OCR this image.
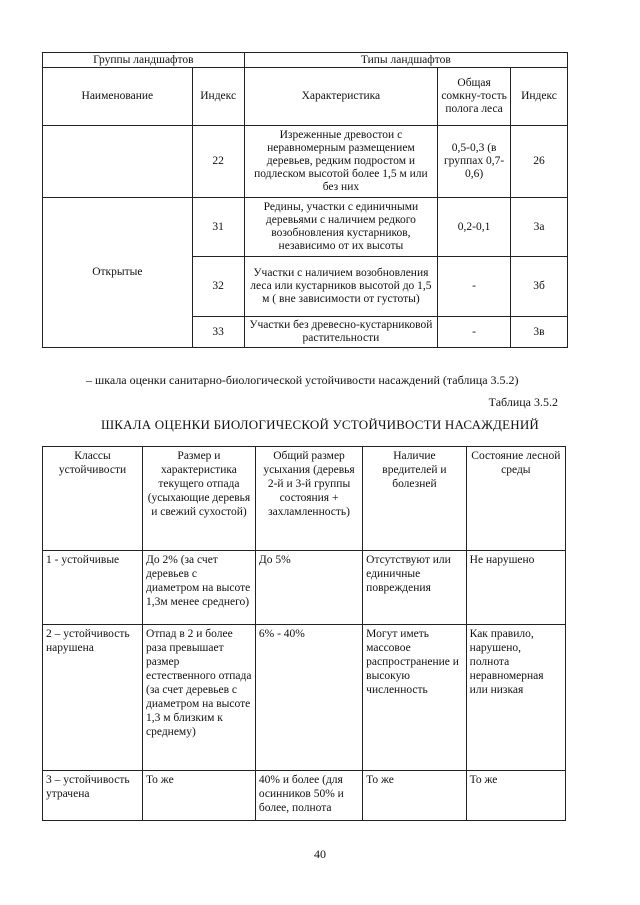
Группы ландшафтов		Типы ландшафтов		
Наименование	Индекс	Характеристика	Общая сомкну-тость полога леса	Индекс
	22	Изреженные древостои с неравномерным размещением деревьев, редким подростом и подлеском высотой более 1,5 м или без них	0,5-0,3 (в группах 0,7-0,6)	26
Открытые	31	Редины, участки с единичными деревьями с наличием редкого возобновления кустарников, независимо от их высоты	0,2-0,1	3а
	32	Участки с наличием возобновления леса или кустарников высотой до 1,5 м ( вне зависимости от густоты)	-	3б
	33	Участки без древесно-кустарниковой растительности	-	3в
– шкала оценки санитарно-биологической устойчивости насаждений (таблица 3.5.2)
Таблица 3.5.2
ШКАЛА ОЦЕНКИ БИОЛОГИЧЕСКОЙ УСТОЙЧИВОСТИ НАСАЖДЕНИЙ
Классы устойчивости	Размер и характеристика текущего отпада (усыхающие деревья и свежий сухостой)	Общий размер усыхания (деревья 2-й и 3-й группы состояния + захламленность)	Наличие вредителей и болезней	Состояние лесной среды
1 - устойчивые	До 2% (за счет деревьев с диаметром на высоте 1,3м менее среднего)	До 5%	Отсутствуют или единичные повреждения	Не нарушено
2 – устойчивость нарушена	Отпад в 2 и более раза превышает размер естественного отпада (за счет деревьев с диаметром на высоте 1,3 м близким к среднему)	6% - 40%	Могут иметь массовое распространение и высокую численность	Как правило, нарушено, полнота неравномерная или низкая
3 – устойчивость утрачена	То же	40% и более (для осинников 50% и более, полнота	То же	То же
40
